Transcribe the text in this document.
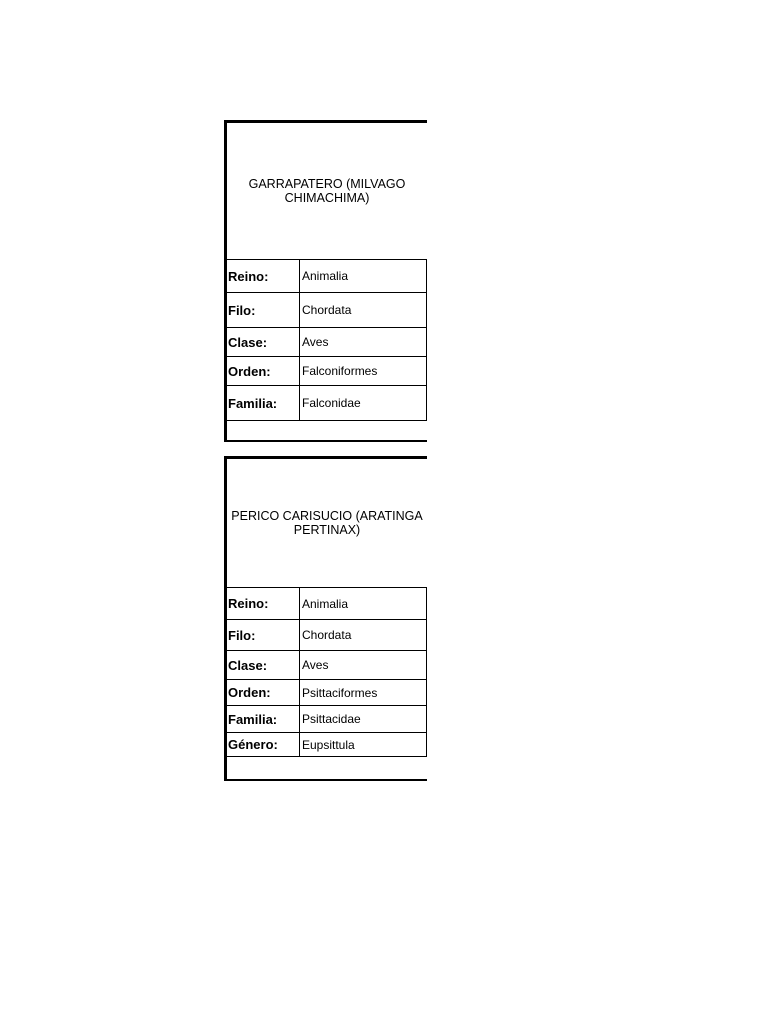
GARRAPATERO (MILVAGO CHIMACHIMA)
Reino:	Animalia
Filo:	Chordata
Clase:	Aves
Orden:	Falconiformes
Familia:	Falconidae
PERICO CARISUCIO (ARATINGA PERTINAX)
Reino:	Animalia
Filo:	Chordata
Clase:	Aves
Orden:	Psittaciformes
Familia:	Psittacidae
Género:	Eupsittula
